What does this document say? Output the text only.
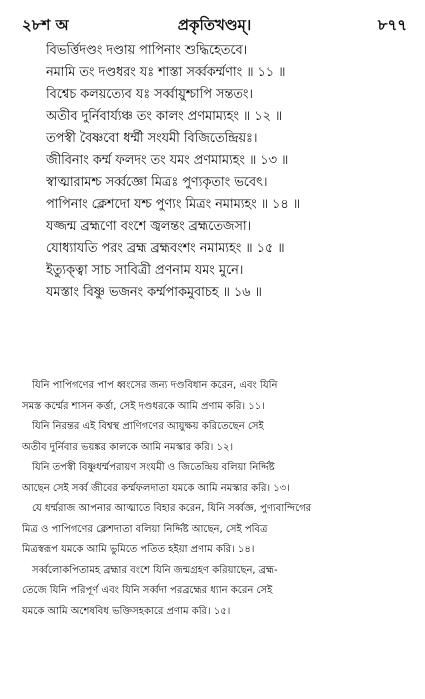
২৮শ অ	প্রকৃতিখণ্ডম্।	৮৭৭
বিভর্ত্তিদণ্ডং দণ্ডায় পাপিনাং শুদ্ধিহেতবে।
নমামি তং দণ্ডধরং যঃ শাস্তা সর্ব্বকর্ম্মণাং ॥ ১১ ॥
বিশ্বেচ কলয়ত্যেব যঃ সর্ব্বায়ুশ্চাপি সন্ততং।
অতীব দুর্নিবার্য্যঞ্চ তং কালং প্রণমাম্যহং ॥ ১২ ॥
তপস্বী বৈষ্ণবো ধর্ম্মী সংযমী বিজিতেন্দ্রিয়ঃ।
জীবিনাং কর্ম্ম ফলদং তং যমং প্রণমাম্যহং ॥ ১৩ ॥
স্বাত্মারামশ্চ সর্ব্বজ্ঞো মিত্রঃ পুণ্যকৃতাং ভবেৎ।
পাপিনাং ক্লেশদো যশ্চ পুণ্যং মিত্রং নমাম্যহং ॥ ১৪ ॥
যজ্জন্ম ব্রহ্মণো বংশে জ্বলন্তং ব্রহ্মতেজসা।
যোধ্যাযতি পরং ব্রহ্ম ব্রহ্মবংশং নমাম্যহং ॥ ১৫ ॥
ইত্যুক্ত্বা সাচ সাবিত্রী প্রণনাম যমং মুনে।
যমস্তাং বিষ্ণু ভজনং কর্ম্মপাকমুবাচহ ॥ ১৬ ॥
যিনি পাপিগণের পাপ ধ্বংসের জন্য দণ্ডবিধান করেন, এবং যিনি
সমস্ত কর্ম্মের শাসন কর্ত্তা, সেই দণ্ডধরকে আমি প্রণাম করি। ১১।
যিনি নিরন্তর এই বিশ্বস্থ প্রাণিগণের আয়ুক্ষয় করিতেছেন সেই
অতীব দুর্নিবার ভয়ঙ্কর কালকে আমি নমস্কার করি। ১২।
যিনি তপস্বী বিষ্ণুধর্ম্মপরায়ণ সংযমী ও জিতেন্দ্রিয় বলিয়া নির্দ্দিষ্ট
আছেন সেই সর্ব্ব জীবের কর্ম্মফলদাতা যমকে আমি নমস্কার করি। ১৩।
যে ধর্ম্মরাজ আপনার আত্মাতে বিহার করেন, যিনি সর্ব্বজ্ঞ, পুণ্যবান্দিগের
মিত্র ও পাপিগণের ক্লেশদাতা বলিয়া নির্দ্দিষ্ট আছেন, সেই পবিত্র
মিত্রস্বরূপ যমকে আমি ভুমিতে পতিত হইয়া প্রণাম করি। ১৪।
সর্ব্বলোকপিতামহ ব্রহ্মার বংশে যিনি জন্মগ্রহণ করিয়াছেন, ব্রহ্ম-
তেজে যিনি পরিপূর্ণ এবং যিনি সর্ব্বদা পরব্রহ্মের ধ্যান করেন সেই
যমকে আমি অশেষবিধ ভক্তিসহকারে প্রণাম করি। ১৫।
